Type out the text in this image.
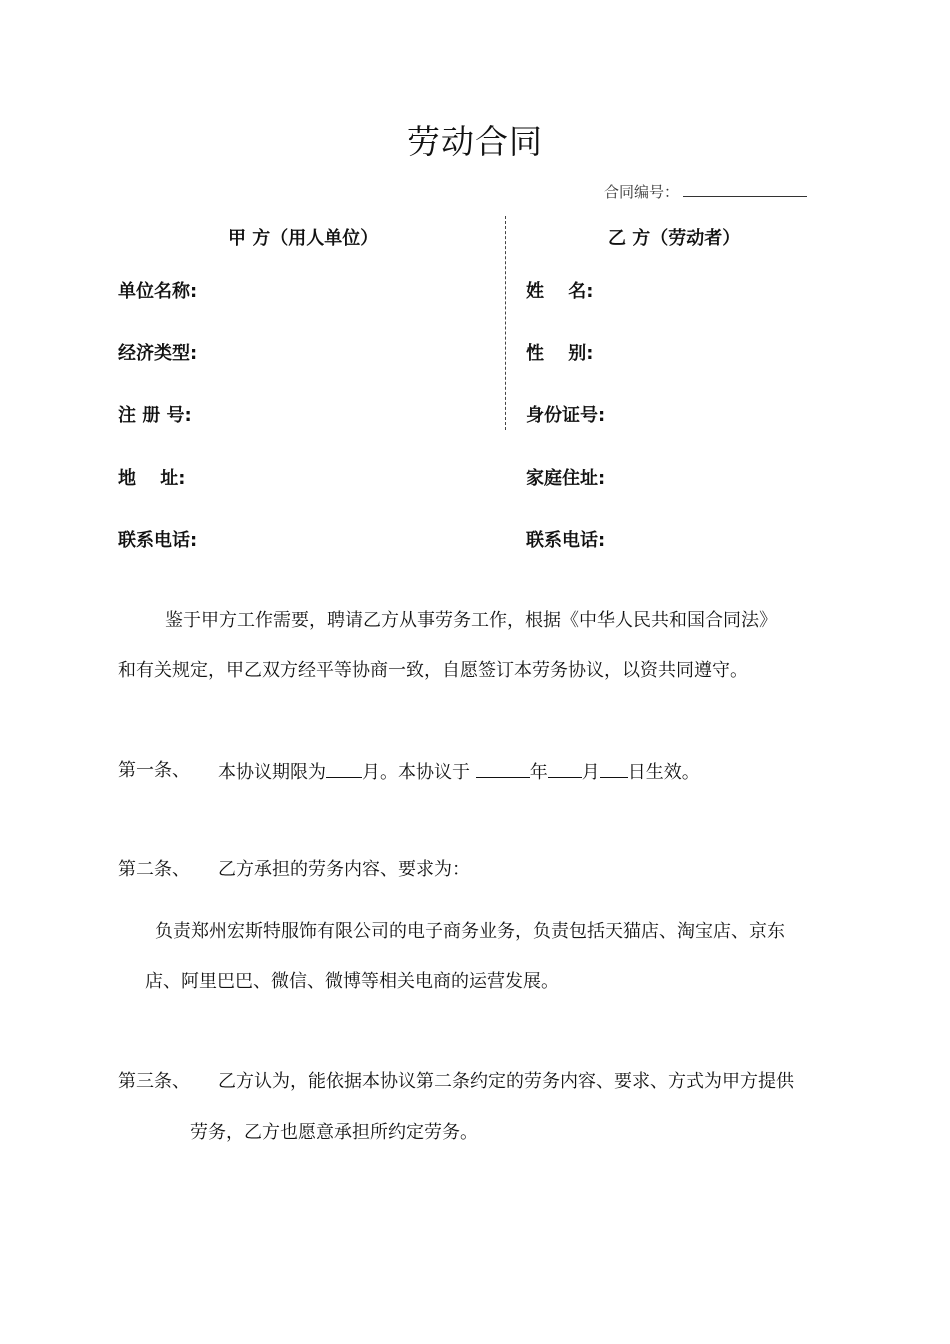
劳动合同
合同编号：
甲 方（用人单位）	乙 方（劳动者）
单位名称:
经济类型:
注 册 号:
地　 址:
联系电话:
姓　 名:
性　 别:
身份证号:
家庭住址:
联系电话:
鉴于甲方工作需要，聘请乙方从事劳务工作，根据《中华人民共和国合同法》
和有关规定，甲乙双方经平等协商一致，自愿签订本劳务协议，以资共同遵守。
第一条、 本协议期限为 月。本协议于	年 月 日生效。
第二条、 乙方承担的劳务内容、要求为：
负责郑州宏斯特服饰有限公司的电子商务业务，负责包括天猫店、淘宝店、京东
店、阿里巴巴、微信、微博等相关电商的运营发展。
第三条、 乙方认为，能依据本协议第二条约定的劳务内容、要求、方式为甲方提供
劳务，乙方也愿意承担所约定劳务。
